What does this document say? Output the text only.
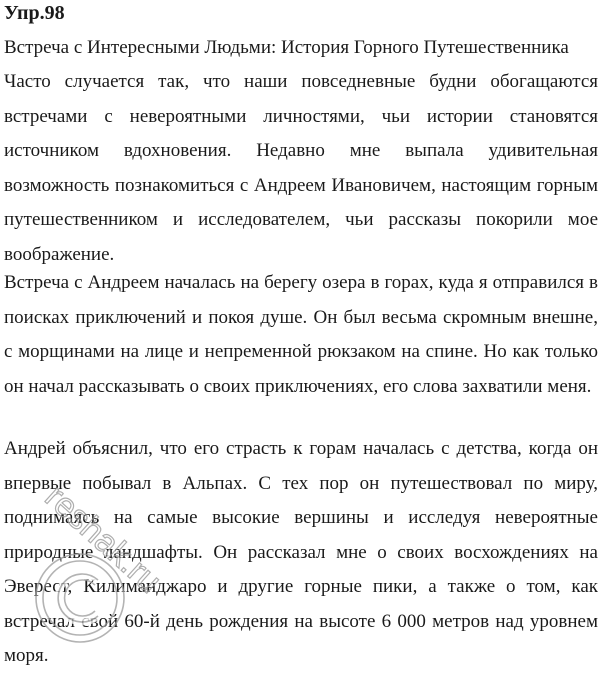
Упр.98
Встреча с Интересными Людьми: История Горного Путешественника

Часто случается так, что наши повседневные будни обогащаются встречами с невероятными личностями, чьи истории становятся источником вдохновения. Недавно мне выпала удивительная возможность познакомиться с Андреем Ивановичем, настоящим горным путешественником и исследователем, чьи рассказы покорили мое воображение.

Встреча с Андреем началась на берегу озера в горах, куда я отправился в поисках приключений и покоя душе. Он был весьма скромным внешне, с морщинами на лице и непременной рюкзаком на спине. Но как только он начал рассказывать о своих приключениях, его слова захватили меня.

Андрей объяснил, что его страсть к горам началась с детства, когда он впервые побывал в Альпах. С тех пор он путешествовал по миру, поднимаясь на самые высокие вершины и исследуя невероятные природные ландшафты. Он рассказал мне о своих восхождениях на Эверест, Килиманджаро и другие горные пики, а также о том, как встречал свой 60-й день рождения на высоте 6 000 метров над уровнем моря.

reshak.ru
